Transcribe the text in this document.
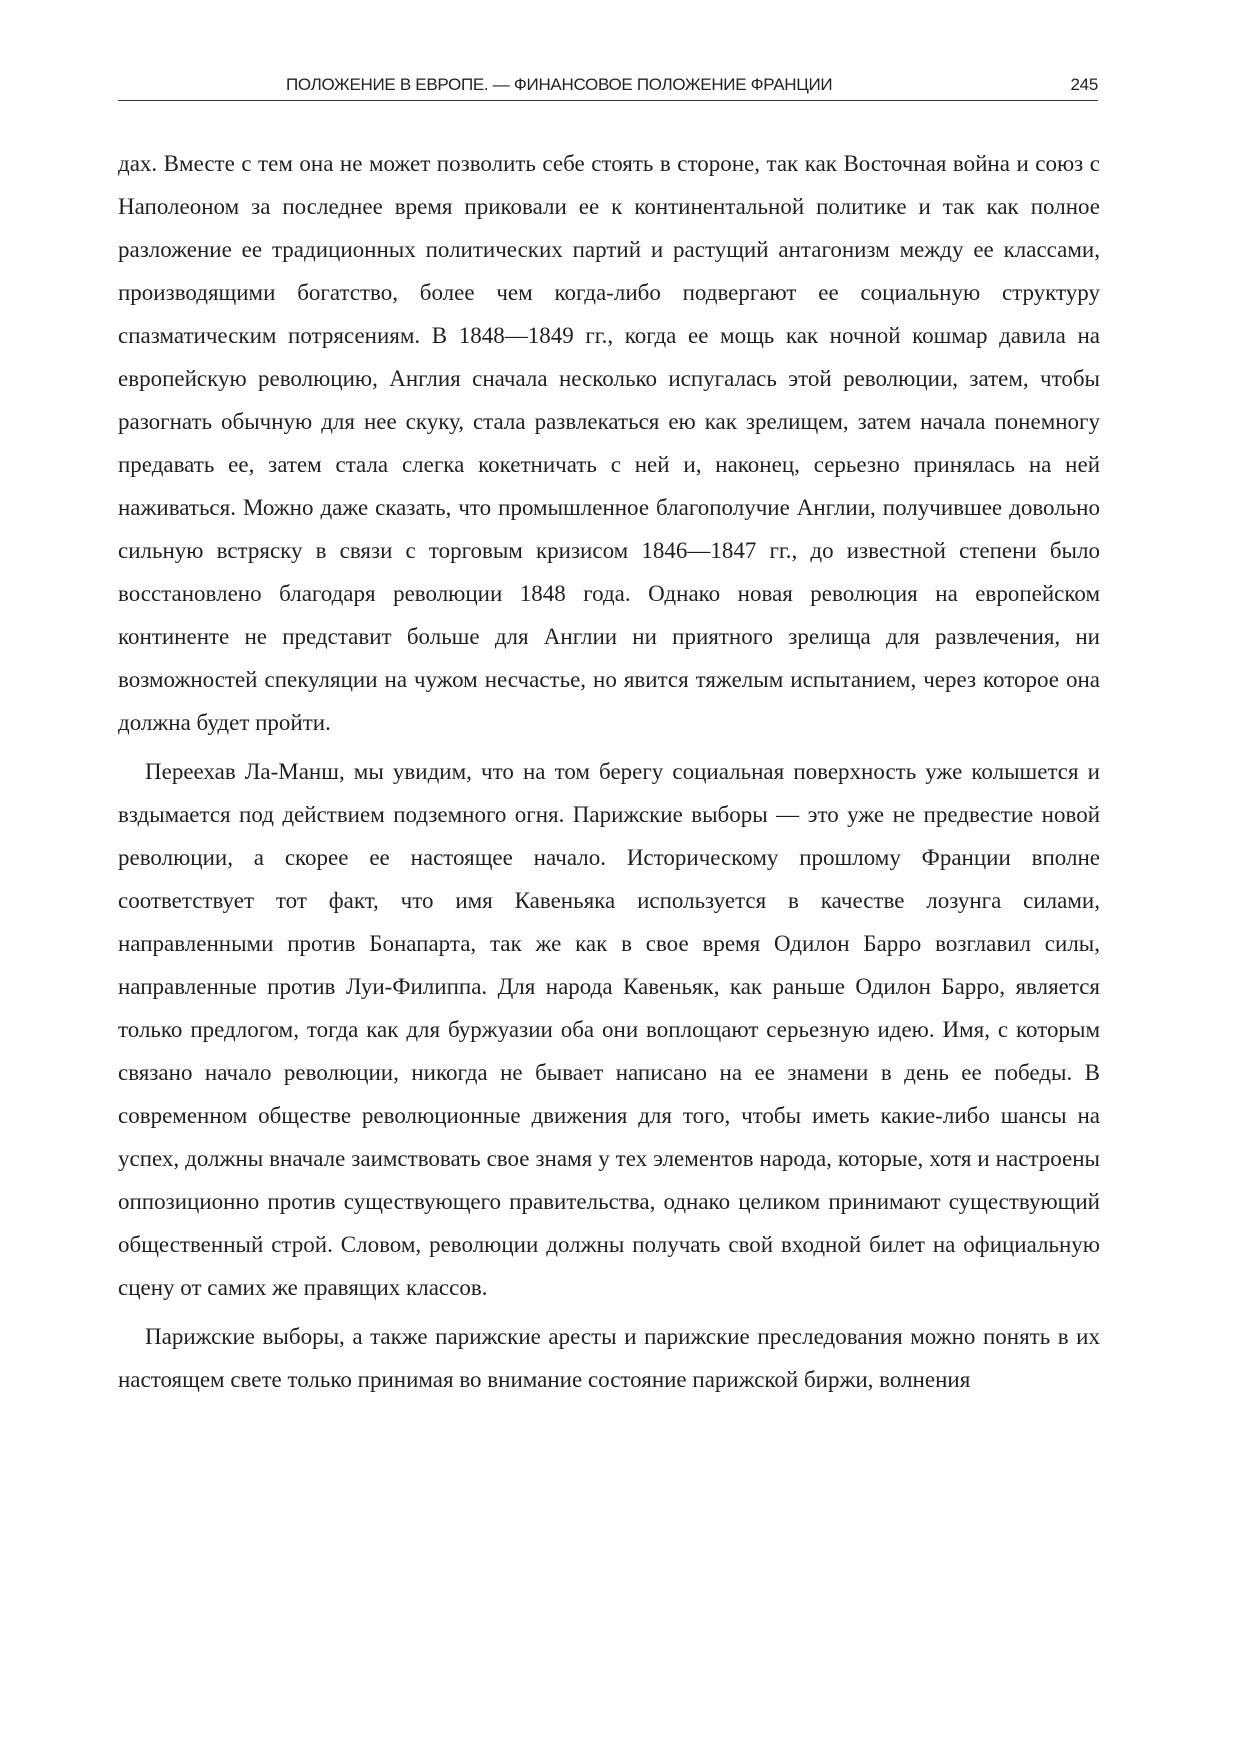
ПОЛОЖЕНИЕ В ЕВРОПЕ. — ФИНАНСОВОЕ ПОЛОЖЕНИЕ ФРАНЦИИ	245

дах. Вместе с тем она не может позволить себе стоять в стороне, так как Восточная война и союз с Наполеоном за последнее время приковали ее к континентальной политике и так как полное разложение ее традиционных политических партий и растущий антагонизм между ее классами, производящими богатство, более чем когда-либо подвергают ее социальную структуру спазматическим потрясениям. В 1848—1849 гг., когда ее мощь как ночной кошмар давила на европейскую революцию, Англия сначала несколько испугалась этой революции, затем, чтобы разогнать обычную для нее скуку, стала развлекаться ею как зрелищем, затем начала понемногу предавать ее, затем стала слегка кокетничать с ней и, наконец, серьезно принялась на ней наживаться. Можно даже сказать, что промышленное благополучие Англии, получившее довольно сильную встряску в связи с торговым кризисом 1846—1847 гг., до известной степени было восстановлено благодаря революции 1848 года. Однако новая революция на европейском континенте не представит больше для Англии ни приятного зрелища для развлечения, ни возможностей спекуляции на чужом несчастье, но явится тяжелым испытанием, через которое она должна будет пройти.

Переехав Ла-Манш, мы увидим, что на том берегу социальная поверхность уже колышется и вздымается под действием подземного огня. Парижские выборы — это уже не предвестие новой революции, а скорее ее настоящее начало. Историческому прошлому Франции вполне соответствует тот факт, что имя Кавеньяка используется в качестве лозунга силами, направленными против Бонапарта, так же как в свое время Одилон Барро возглавил силы, направленные против Луи-Филиппа. Для народа Кавеньяк, как раньше Одилон Барро, является только предлогом, тогда как для буржуазии оба они воплощают серьезную идею. Имя, с которым связано начало революции, никогда не бывает написано на ее знамени в день ее победы. В современном обществе революционные движения для того, чтобы иметь какие-либо шансы на успех, должны вначале заимствовать свое знамя у тех элементов народа, которые, хотя и настроены оппозиционно против существующего правительства, однако целиком принимают существующий общественный строй. Словом, революции должны получать свой входной билет на официальную сцену от самих же правящих классов.

Парижские выборы, а также парижские аресты и парижские преследования можно понять в их настоящем свете только принимая во внимание состояние парижской биржи, волнения
